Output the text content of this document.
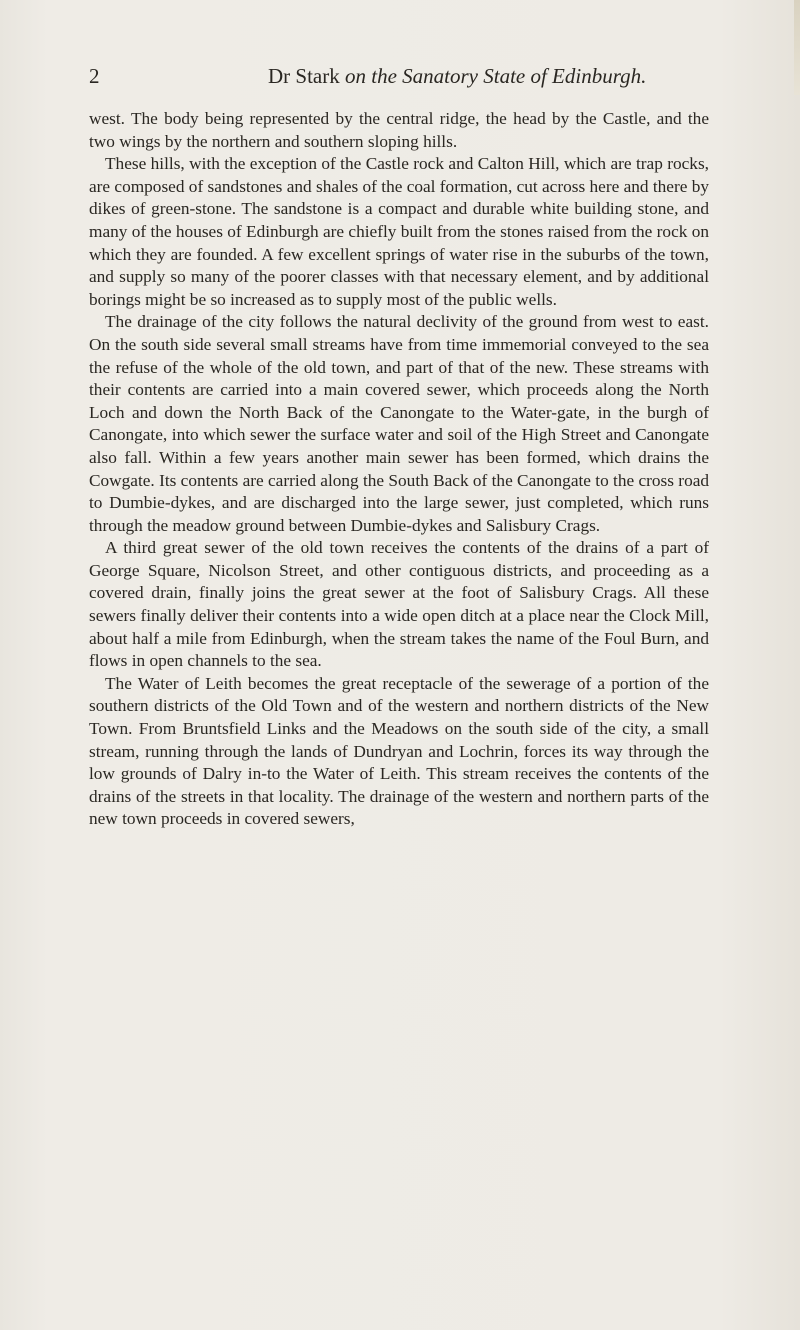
2	Dr Stark on the Sanatory State of Edinburgh.

west. The body being represented by the central ridge, the head by the Castle, and the two wings by the northern and southern sloping hills.

These hills, with the exception of the Castle rock and Calton Hill, which are trap rocks, are composed of sandstones and shales of the coal formation, cut across here and there by dikes of green-stone. The sandstone is a compact and durable white building stone, and many of the houses of Edinburgh are chiefly built from the stones raised from the rock on which they are founded. A few excellent springs of water rise in the suburbs of the town, and supply so many of the poorer classes with that necessary element, and by additional borings might be so increased as to supply most of the public wells.

The drainage of the city follows the natural declivity of the ground from west to east. On the south side several small streams have from time immemorial conveyed to the sea the refuse of the whole of the old town, and part of that of the new. These streams with their contents are carried into a main covered sewer, which proceeds along the North Loch and down the North Back of the Canongate to the Water-gate, in the burgh of Canongate, into which sewer the surface water and soil of the High Street and Canongate also fall. Within a few years another main sewer has been formed, which drains the Cowgate. Its contents are carried along the South Back of the Canongate to the cross road to Dumbie-dykes, and are discharged into the large sewer, just completed, which runs through the meadow ground between Dumbie-dykes and Salisbury Crags.

A third great sewer of the old town receives the contents of the drains of a part of George Square, Nicolson Street, and other contiguous districts, and proceeding as a covered drain, finally joins the great sewer at the foot of Salisbury Crags. All these sewers finally deliver their contents into a wide open ditch at a place near the Clock Mill, about half a mile from Edinburgh, when the stream takes the name of the Foul Burn, and flows in open channels to the sea.

The Water of Leith becomes the great receptacle of the sewerage of a portion of the southern districts of the Old Town and of the western and northern districts of the New Town. From Bruntsfield Links and the Meadows on the south side of the city, a small stream, running through the lands of Dundryan and Lochrin, forces its way through the low grounds of Dalry in-to the Water of Leith. This stream receives the contents of the drains of the streets in that locality. The drainage of the western and northern parts of the new town proceeds in covered sewers,
